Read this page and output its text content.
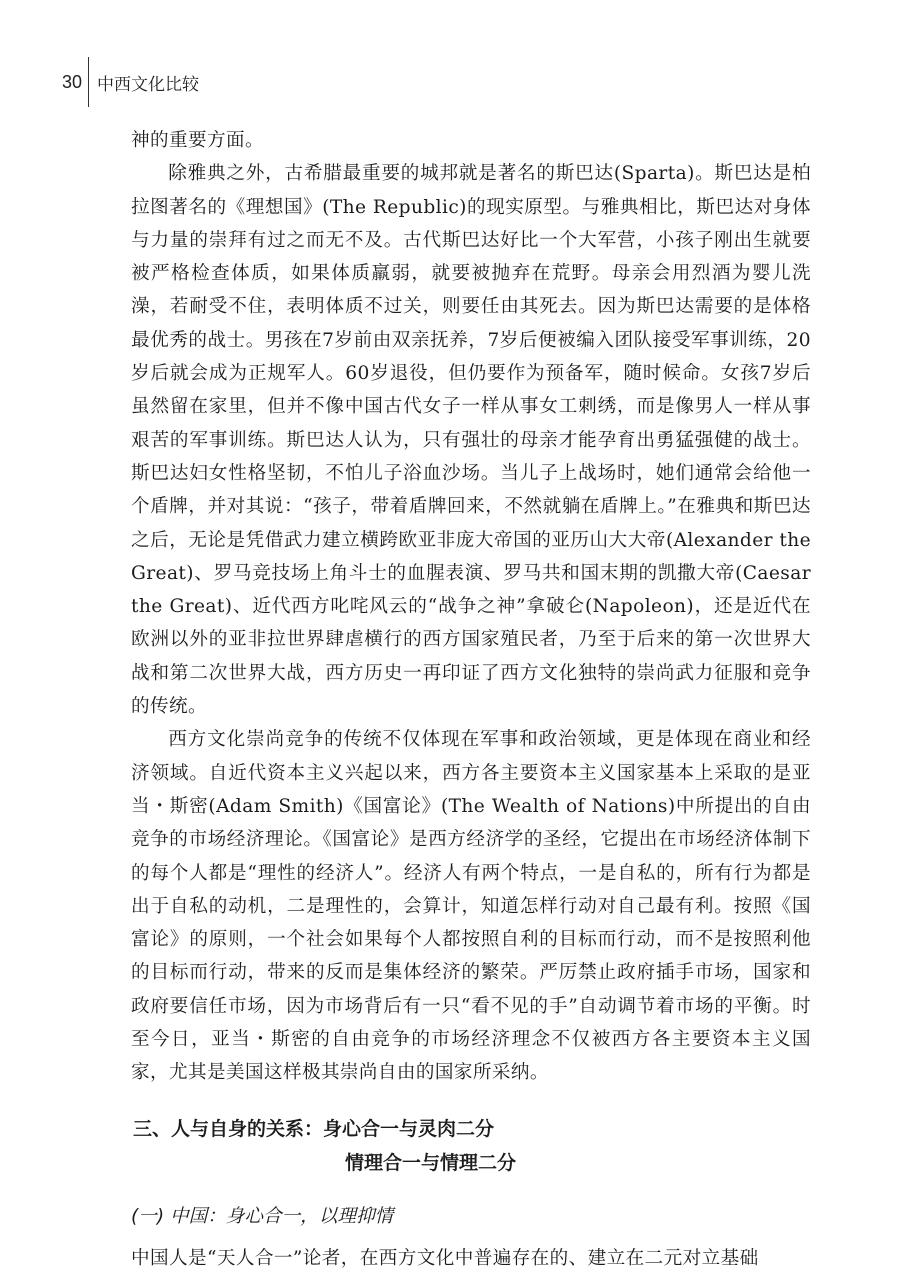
30 中西文化比较

神的重要方面。

除雅典之外，古希腊最重要的城邦就是著名的斯巴达(Sparta)。斯巴达是柏拉图著名的《理想国》(The Republic)的现实原型。与雅典相比，斯巴达对身体与力量的崇拜有过之而无不及。古代斯巴达好比一个大军营，小孩子刚出生就要被严格检查体质，如果体质羸弱，就要被抛弃在荒野。母亲会用烈酒为婴儿洗澡，若耐受不住，表明体质不过关，则要任由其死去。因为斯巴达需要的是体格最优秀的战士。男孩在7岁前由双亲抚养，7岁后便被编入团队接受军事训练，20岁后就会成为正规军人。60岁退役，但仍要作为预备军，随时候命。女孩7岁后虽然留在家里，但并不像中国古代女子一样从事女工刺绣，而是像男人一样从事艰苦的军事训练。斯巴达人认为，只有强壮的母亲才能孕育出勇猛强健的战士。斯巴达妇女性格坚韧，不怕儿子浴血沙场。当儿子上战场时，她们通常会给他一个盾牌，并对其说：“孩子，带着盾牌回来，不然就躺在盾牌上。”在雅典和斯巴达之后，无论是凭借武力建立横跨欧亚非庞大帝国的亚历山大大帝(Alexander the Great)、罗马竞技场上角斗士的血腥表演、罗马共和国末期的凯撒大帝(Caesar the Great)、近代西方叱咤风云的“战争之神”拿破仑(Napoleon)，还是近代在欧洲以外的亚非拉世界肆虐横行的西方国家殖民者，乃至于后来的第一次世界大战和第二次世界大战，西方历史一再印证了西方文化独特的崇尚武力征服和竞争的传统。

西方文化崇尚竞争的传统不仅体现在军事和政治领域，更是体现在商业和经济领域。自近代资本主义兴起以来，西方各主要资本主义国家基本上采取的是亚当・斯密(Adam Smith)《国富论》(The Wealth of Nations)中所提出的自由竞争的市场经济理论。《国富论》是西方经济学的圣经，它提出在市场经济体制下的每个人都是“理性的经济人”。经济人有两个特点，一是自私的，所有行为都是出于自私的动机，二是理性的，会算计，知道怎样行动对自己最有利。按照《国富论》的原则，一个社会如果每个人都按照自利的目标而行动，而不是按照利他的目标而行动，带来的反而是集体经济的繁荣。严厉禁止政府插手市场，国家和政府要信任市场，因为市场背后有一只“看不见的手”自动调节着市场的平衡。时至今日，亚当・斯密的自由竞争的市场经济理念不仅被西方各主要资本主义国家，尤其是美国这样极其崇尚自由的国家所采纳。

三、人与自身的关系：身心合一与灵肉二分
情理合一与情理二分
(一) 中国：身心合一，以理抑情

中国人是“天人合一”论者，在西方文化中普遍存在的、建立在二元对立基础
